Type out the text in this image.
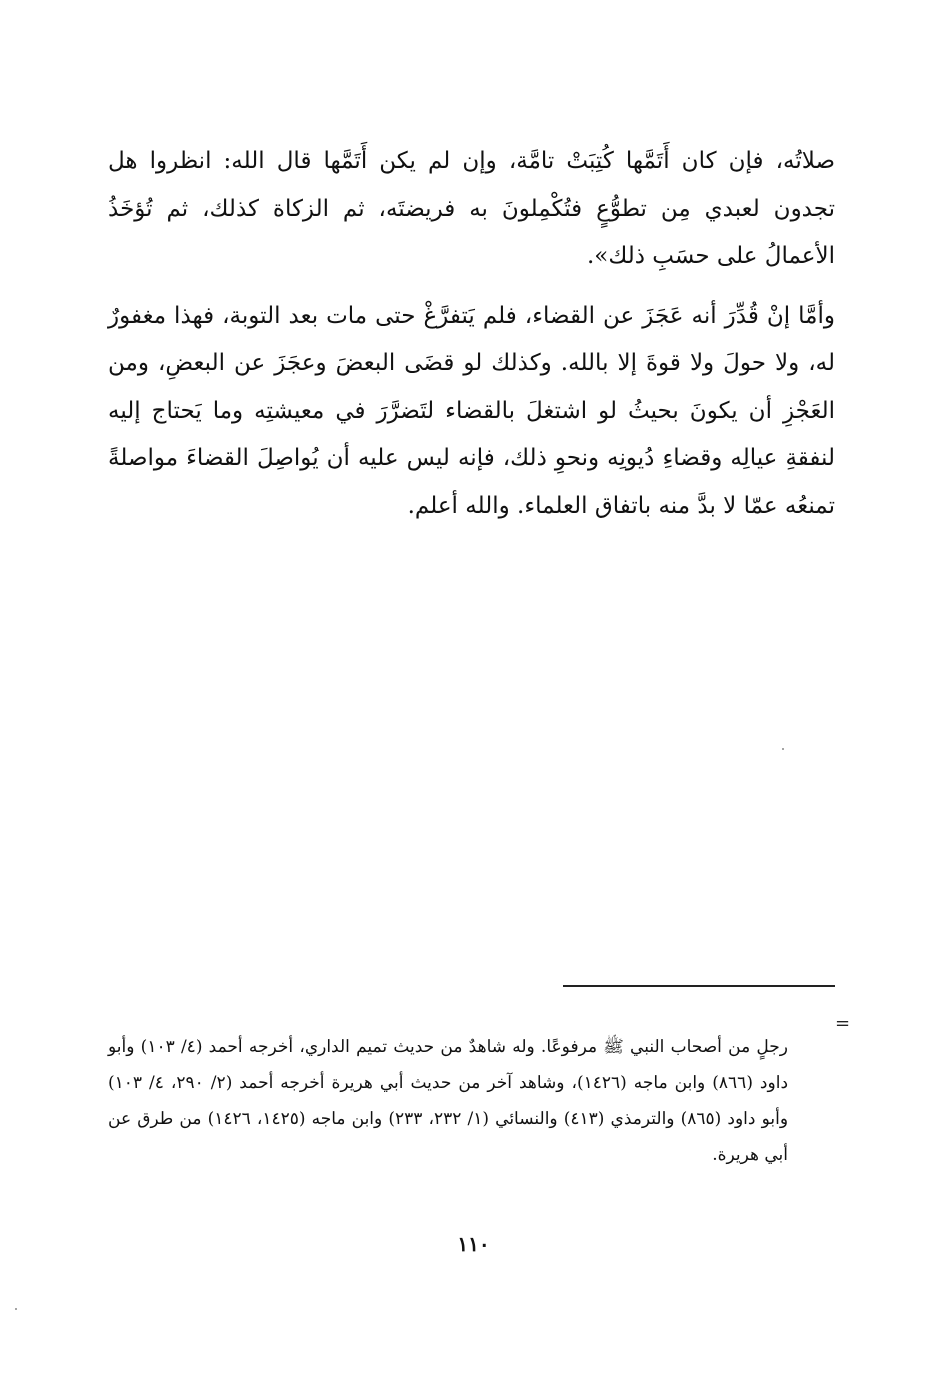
صلاتُه، فإن كان أَتَمَّها كُتِبَتْ تامَّة، وإن لم يكن أَتَمَّها قال الله: انظروا هل تجدون لعبدي مِن تطوُّعٍ فتُكْمِلونَ به فريضتَه، ثم الزكاة كذلك، ثم تُؤخَذُ الأعمالُ على حسَبِ ذلك».

وأمَّا إنْ قُدِّرَ أنه عَجَزَ عن القضاء، فلم يَتفرَّغْ حتى مات بعد التوبة، فهذا مغفورٌ له، ولا حولَ ولا قوةَ إلا بالله. وكذلك لو قضَى البعضَ وعجَزَ عن البعضِ، ومن العَجْزِ أن يكونَ بحيثُ لو اشتغلَ بالقضاء لتَضرَّرَ في معيشتِه وما يَحتاج إليه لنفقةِ عيالِه وقضاءِ دُيونِه ونحوِ ذلك، فإنه ليس عليه أن يُواصِلَ القضاءَ مواصلةً تمنعُه عمّا لا بدَّ منه باتفاق العلماء. والله أعلم.

=

رجلٍ من أصحاب النبي ﷺ مرفوعًا. وله شاهدٌ من حديث تميم الداري، أخرجه أحمد (٤/ ١٠٣) وأبو داود (٨٦٦) وابن ماجه (١٤٢٦)، وشاهد آخر من حديث أبي هريرة أخرجه أحمد (٢/ ٢٩٠، ٤/ ١٠٣) وأبو داود (٨٦٥) والترمذي (٤١٣) والنسائي (١/ ٢٣٢، ٢٣٣) وابن ماجه (١٤٢٥، ١٤٢٦) من طرق عن أبي هريرة.

١١٠
